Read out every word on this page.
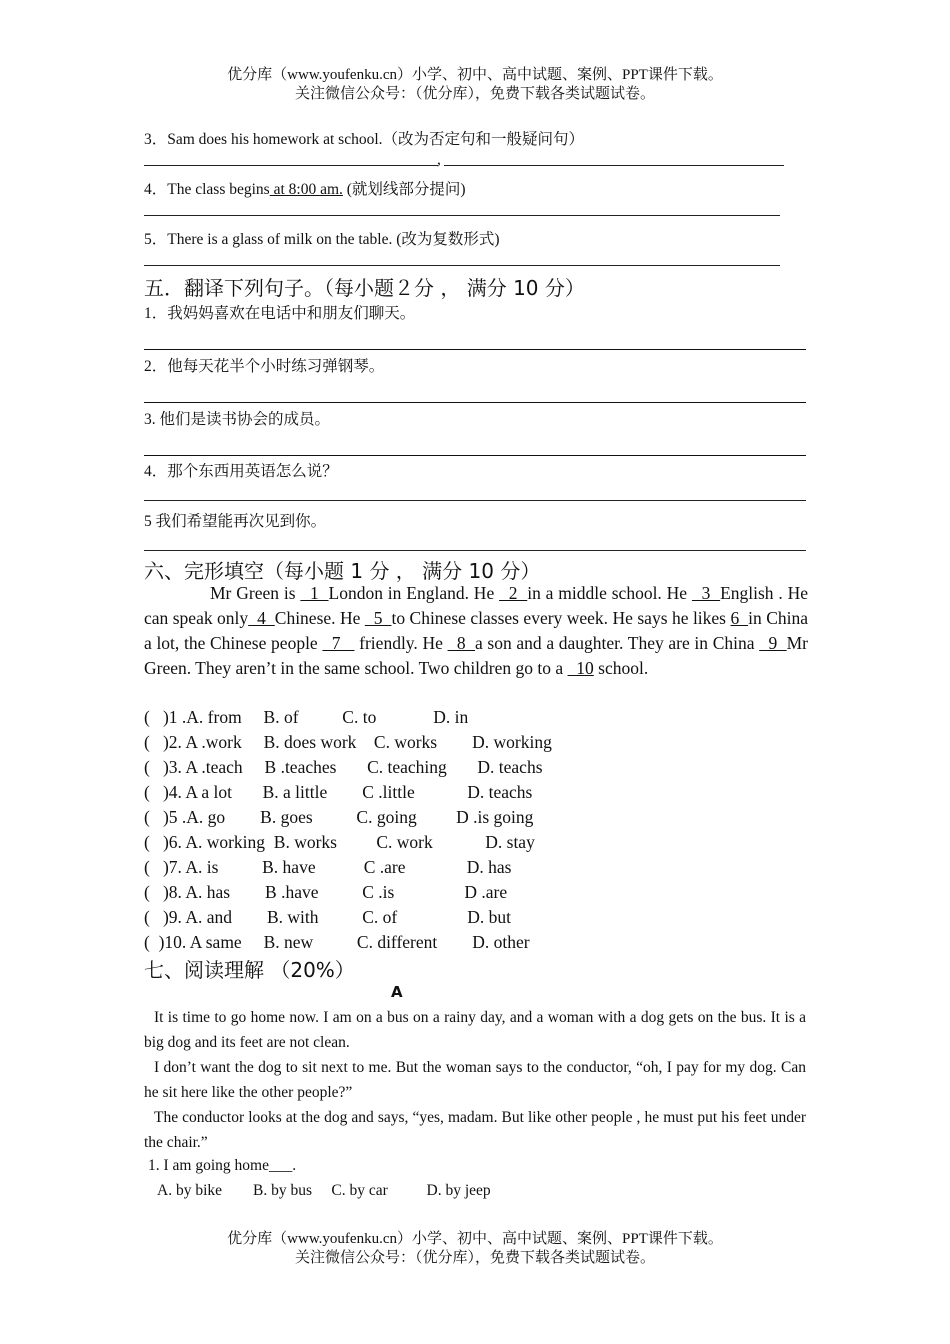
优分库（www.youfenku.cn）小学、初中、高中试题、案例、PPT课件下载。
关注微信公众号：（优分库），免费下载各类试题试卷。
3．Sam does his homework at school.（改为否定句和一般疑问句）
,
4．The class begins at 8:00 am. (就划线部分提问)
5．There is a glass of milk on the table. (改为复数形式)
五．翻译下列句子。（每小题２分 ， 满分 10 分）
1．我妈妈喜欢在电话中和朋友们聊天。
2．他每天花半个小时练习弹钢琴。
3. 他们是读书协会的成员。
4．那个东西用英语怎么说？
5 我们希望能再次见到你。
六、完形填空（每小题 1 分 ， 满分 10 分）
Mr Green is   1  London in England. He   2  in a middle school. He   3  English . He can speak only  4  Chinese. He   5  to Chinese classes every week. He says he likes 6  in China a lot, the Chinese people   7    friendly. He   8  a son and a daughter. They are in China   9  Mr Green. They aren’t in the same school. Two children go to a   10 school.
(   )1 .A. from     B. of          C. to             D. in
(   )2. A .work     B. does work    C. works        D. working
(   )3. A .teach     B .teaches       C. teaching       D. teachs
(   )4. A a lot       B. a little        C .little            D. teachs
(   )5 .A. go        B. goes          C. going         D .is going
(   )6. A. working  B. works         C. work            D. stay
(   )7. A. is          B. have           C .are              D. has
(   )8. A. has        B .have          C .is                D .are
(   )9. A. and        B. with          C. of                D. but
(  )10. A same     B. new          C. different        D. other
七、阅读理解 （20%）
A
It is time to go home now. I am on a bus on a rainy day, and a woman with a dog gets on the bus. It is a big dog and its feet are not clean.
I don’t want the dog to sit next to me. But the woman says to the conductor, “oh, I pay for my dog. Can he sit here like the other people?”
The conductor looks at the dog and says, “yes, madam. But like other people , he must put his feet under the chair.”
1. I am going home___.
A. by bike        B. by bus     C. by car          D. by jeep
优分库（www.youfenku.cn）小学、初中、高中试题、案例、PPT课件下载。
关注微信公众号：（优分库），免费下载各类试题试卷。
